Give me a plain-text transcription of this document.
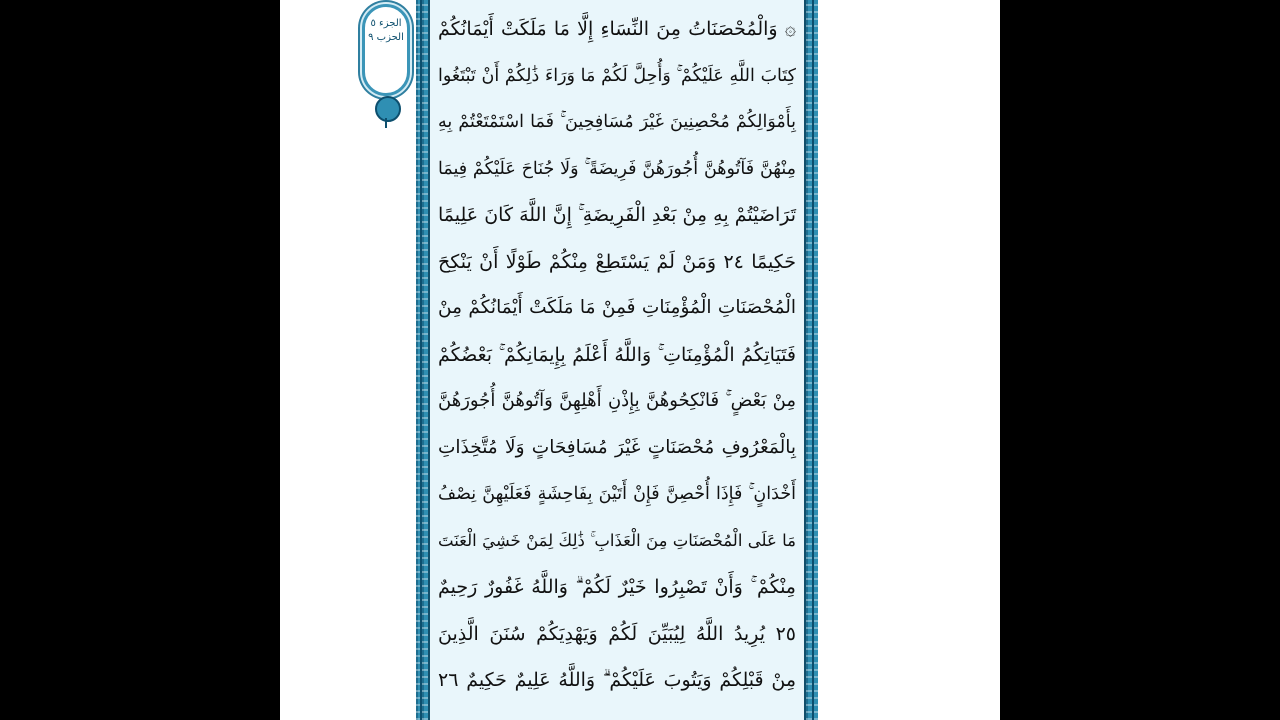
۞ وَالْمُحْصَنَاتُ مِنَ النِّسَاءِ إِلَّا مَا مَلَكَتْ أَيْمَانُكُمْ
كِتَابَ اللَّهِ عَلَيْكُمْ ۚ وَأُحِلَّ لَكُمْ مَا وَرَاءَ ذَٰلِكُمْ أَنْ تَبْتَغُوا
بِأَمْوَالِكُمْ مُحْصِنِينَ غَيْرَ مُسَافِحِينَ ۚ فَمَا اسْتَمْتَعْتُمْ بِهِ
مِنْهُنَّ فَآتُوهُنَّ أُجُورَهُنَّ فَرِيضَةً ۚ وَلَا جُنَاحَ عَلَيْكُمْ فِيمَا
تَرَاضَيْتُمْ بِهِ مِنْ بَعْدِ الْفَرِيضَةِ ۚ إِنَّ اللَّهَ كَانَ عَلِيمًا
حَكِيمًا ٢٤ وَمَنْ لَمْ يَسْتَطِعْ مِنْكُمْ طَوْلًا أَنْ يَنْكِحَ
الْمُحْصَنَاتِ الْمُؤْمِنَاتِ فَمِنْ مَا مَلَكَتْ أَيْمَانُكُمْ مِنْ
فَتَيَاتِكُمُ الْمُؤْمِنَاتِ ۚ وَاللَّهُ أَعْلَمُ بِإِيمَانِكُمْ ۚ بَعْضُكُمْ
مِنْ بَعْضٍ ۚ فَانْكِحُوهُنَّ بِإِذْنِ أَهْلِهِنَّ وَآتُوهُنَّ أُجُورَهُنَّ
بِالْمَعْرُوفِ مُحْصَنَاتٍ غَيْرَ مُسَافِحَاتٍ وَلَا مُتَّخِذَاتِ
أَخْدَانٍ ۚ فَإِذَا أُحْصِنَّ فَإِنْ أَتَيْنَ بِفَاحِشَةٍ فَعَلَيْهِنَّ نِصْفُ
مَا عَلَى الْمُحْصَنَاتِ مِنَ الْعَذَابِ ۚ ذَٰلِكَ لِمَنْ خَشِيَ الْعَنَتَ
مِنْكُمْ ۚ وَأَنْ تَصْبِرُوا خَيْرٌ لَكُمْ ۗ وَاللَّهُ غَفُورٌ رَحِيمٌ
٢٥ يُرِيدُ اللَّهُ لِيُبَيِّنَ لَكُمْ وَيَهْدِيَكُمْ سُنَنَ الَّذِينَ
مِنْ قَبْلِكُمْ وَيَتُوبَ عَلَيْكُمْ ۗ وَاللَّهُ عَلِيمٌ حَكِيمٌ ٢٦
الجزء ٥
الحزب ٩
